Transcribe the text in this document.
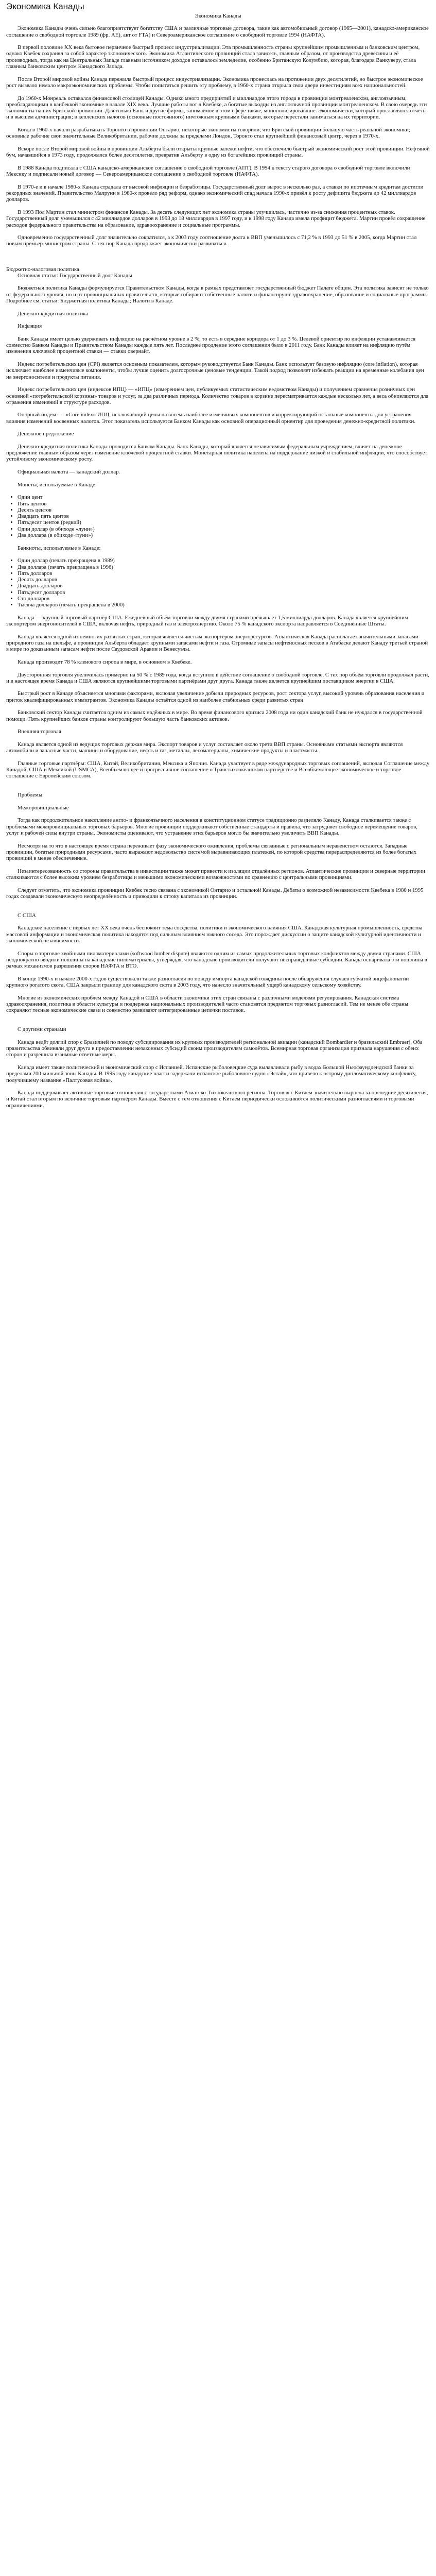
Экономика Канады
Экономика Канады

Экономика Канады очень сильно благоприятствует богатству США и различные торговые договора, такие как автомобильный договор (1965—2001), канадско-американское соглашение о свободной торговле 1989 (фр. АЕ), акт от FTA) и Североамериканское соглашение о свободной торговле 1994 (НАФТА).

В первой половине XX века бытовое первичное быстрый процесс индустриализации. Эта промышленность страны крупнейшим промышленным и банковским центром, однако Квебек сохранял за собой характер экономического. Экономика Атлантического провинций стала зависеть, главным образом, от производства древесины и её производных, тогда как на Центральных Западе главным источником доходов оставалось земледелие, особенно Британскую Колумбию, которая, благодаря Ванкуверу, стала главным банковским центром Канадского Запада.

После Второй мировой войны Канада пережила быстрый процесс индустриализации. Экономика пронеслась на протяжении двух десятилетий, но быстрое экономическое рост вызвало немало макроэкономических проблемы. Чтобы попытаться решить эту проблему, в 1960-х страна открыла свои двери инвестициям всех национальностей.

До 1960-х Монреаль оставался финансовой столицей Канады. Однако много предприятий и миллиардов этого города в провинции монтреаленском, англоязычным, преобладающими в канбеккой экономике в начале XIX века. Лучшие работы вот в Квебеке, а богатые выходцы из англоязычной провинции монтреаленском. В свою очередь эти экономисты наших Бритской провинции. Для только Банк и другие фирмы, занимаемое в этом сфере также, монополизировавшие. Экономически, который прославлялся отчеты и в высшем администрация; в кепленских налогов (основные постоянного) ничтожным крупными банками, которые перестали заниматься на их территории.

Когда в 1960-х начали разрабатывать Торонто в провинции Онтарио, некоторые экономисты говорили, что Бритской провинции большую часть реальной экономики; основные рабочие свои значительные Великобритании, рабочие должны за пределами Лондон, Торонто стал крупнейший финансовый центр, через в 1970-х.

Вскоре после Второй мировой войны в провинции Альберта были открыты крупные залежи нефти, что обеспечило быстрый экономический рост этой провинции. Нефтяной бум, начавшийся в 1973 году, продолжался более десятилетия, превратив Альберту в одну из богатейших провинций страны.

В 1988 Канада подписала с США канадско-американское соглашение о свободной торговле (АПТ). В 1994 к тексту старого договора о свободной торговле включили Мексику и подписали новый договор — Североамериканское соглашение о свободной торговле (НАФТА).

В 1970-е и в начале 1980-х Канада страдала от высокой инфляции и безработицы. Государственный долг вырос в несколько раз, а ставки по ипотечным кредитам достигли рекордных значений. Правительство Малруни в 1980-х провело ряд реформ, однако экономический спад начала 1990-х привёл к росту дефицита бюджета до 42 миллиардов долларов.

В 1993 Пол Мартин стал министром финансов Канады. За десять следующих лет экономика страны улучшилась, частично из-за снижения процентных ставок. Государственный долг уменьшился с 42 миллиардов долларов в 1993 до 18 миллиардов в 1997 году, и к 1998 году Канада имела профицит бюджета. Мартин провёл сокращение расходов федерального правительства на образование, здравоохранение и социальные программы.

Одновременно государственный долг значительно сократился, а к 2003 году соотношение долга к ВВП уменьшилось с 71,2 % в 1993 до 51 % в 2005, когда Мартин стал новым премьер-министром страны. С тех пор Канада продолжает экономически развиваться.

Бюджетно-налоговая политика

Основная статья: Государственный долг Канады

Бюджетная политика Канады формулируется Правительством Канады, когда в рамках представляет государственный бюджет Палате общин. Эта политика зависит не только от федерального уровня, но и от провинциальных правительств, которые собирают собственные налоги и финансируют здравоохранение, образование и социальные программы. Подробнее см. статьи: Бюджетная политика Канады; Налоги в Канаде.

Денежно-кредитная политика

Инфляция

Банк Канады имеет целью удерживать инфляцию на расчётном уровне в 2 %, то есть в середине коридора от 1 до 3 %. Целевой ориентир по инфляции устанавливается совместно Банком Канады и Правительством Канады каждые пять лет. Последнее продление этого соглашения было в 2011 году. Банк Канады влияет на инфляцию путём изменения ключевой процентной ставки — ставки овернайт.

Индекс потребительских цен (CPI) является основным показателем, которым руководствуется Банк Канады. Банк использует базовую инфляцию (core inflation), которая исключает наиболее изменчивые компоненты, чтобы лучше оценить долгосрочные ценовые тенденции. Такой подход позволяет избежать реакции на временные колебания цен на энергоносители и продукты питания.

Индекс потребительских цен (индексов ИПЦ) — «ИПЦ» (измерением цен, публикуемых статистическим ведомством Канады) и получением сравнения розничных цен основной «потребительской корзины» товаров и услуг, за два различных периода. Количество товаров в корзине пересматривается каждые несколько лет, а веса обновляются для отражения изменений в структуре расходов.

Опорный индекс — «Core index» ИПЦ, исключающий цены на восемь наиболее изменчивых компонентов и корректирующий остальные компоненты для устранения влияния изменений косвенных налогов. Этот показатель используется Банком Канады как основной операционный ориентир для проведения денежно-кредитной политики.

Денежное предложение

Денежно-кредитная политика Канады проводится Банком Канады. Банк Канады, который является независимым федеральным учреждением, влияет на денежное предложение главным образом через изменение ключевой процентной ставки. Монетарная политика нацелена на поддержание низкой и стабильной инфляции, что способствует устойчивому экономическому росту.

Официальная валюта — канадский доллар.

Монеты, используемые в Канаде:

• Один цент
• Пять центов
• Десять центов
• Двадцать пять центов
• Пятьдесят центов (редкий)
• Один доллар (в обиходе «луни»)
• Два доллара (в обиходе «туни»)

Банкноты, используемые в Канаде:

• Один доллар (печать прекращена в 1989)
• Два доллара (печать прекращена в 1996)
• Пять долларов
• Десять долларов
• Двадцать долларов
• Пятьдесят долларов
• Сто долларов
• Тысяча долларов (печать прекращена в 2000)

Канада — крупный торговый партнёр США. Ежедневный объём торговли между двумя странами превышает 1,5 миллиарда долларов. Канада является крупнейшим экспортёром энергоносителей в США, включая нефть, природный газ и электроэнергию. Около 75 % канадского экспорта направляется в Соединённые Штаты.

Канада является одной из немногих развитых стран, которая является чистым экспортёром энергоресурсов. Атлантическая Канада располагает значительными запасами природного газа на шельфе, а провинция Альберта обладает крупными запасами нефти и газа. Огромные запасы нефтеносных песков в Атабаске делают Канаду третьей страной в мире по доказанным запасам нефти после Саудовской Аравии и Венесуэлы.

Канада производит 78 % кленового сиропа в мире, в основном в Квебеке.

Двусторонняя торговля увеличилась примерно на 50 % с 1989 года, когда вступило в действие соглашение о свободной торговле. С тех пор объём торговли продолжал расти, и в настоящее время Канада и США являются крупнейшими торговыми партнёрами друг друга. Канада также является крупнейшим поставщиком энергии в США.

Быстрый рост в Канаде объясняется многими факторами, включая увеличение добычи природных ресурсов, рост сектора услуг, высокий уровень образования населения и приток квалифицированных иммигрантов. Экономика Канады остаётся одной из наиболее стабильных среди развитых стран.

Банковский сектор Канады считается одним из самых надёжных в мире. Во время финансового кризиса 2008 года ни один канадский банк не нуждался в государственной помощи. Пять крупнейших банков страны контролируют большую часть банковских активов.

Внешняя торговля

Канада является одной из ведущих торговых держав мира. Экспорт товаров и услуг составляет около трети ВВП страны. Основными статьями экспорта являются автомобили и запасные части, машины и оборудование, нефть и газ, металлы, лесоматериалы, химические продукты и пластмассы.

Главные торговые партнёры: США, Китай, Великобритания, Мексика и Япония. Канада участвует в ряде международных торговых соглашений, включая Соглашение между Канадой, США и Мексикой (USMCA), Всеобъемлющее и прогрессивное соглашение о Транстихоокеанском партнёрстве и Всеобъемлющее экономическое и торговое соглашение с Европейским союзом.

Проблемы

Межпровинциальные

Тогда как продолжительное накопление англо- и франкоязычного населения в конституционном статусе традиционно разделяло Канаду, Канада сталкивается также с проблемами межпровинциальных торговых барьеров. Многие провинции поддерживают собственные стандарты и правила, что затрудняет свободное перемещение товаров, услуг и рабочей силы внутри страны. Экономисты оценивают, что устранение этих барьеров могло бы значительно увеличить ВВП Канады.

Несмотря на то что в настоящее время страна переживает фазу экономического оживления, проблемы связанные с региональным неравенством остаются. Западные провинции, богатые природными ресурсами, часто выражают недовольство системой выравнивающих платежей, по которой средства перераспределяются из более богатых провинций в менее обеспеченные.

Незаинтересованность со стороны правительства в инвестиции также может привести к изоляции отдалённых регионов. Атлантические провинции и северные территории сталкиваются с более высоким уровнем безработицы и меньшими экономическими возможностями по сравнению с центральными провинциями.

Следует отметить, что экономика провинции Квебек тесно связана с экономикой Онтарио и остальной Канады. Дебаты о возможной независимости Квебека в 1980 и 1995 годах создавали экономическую неопределённость и приводили к оттоку капитала из провинции.

С США

Канадское население с первых лет XX века очень беспокоит тема соседства, политики и экономического влияния США. Канадская культурная промышленность, средства массовой информации и экономическая политика находятся под сильным влиянием южного соседа. Это порождает дискуссии о защите канадской культурной идентичности и экономической независимости.

Споры о торговле хвойными пиломатериалами (softwood lumber dispute) являются одним из самых продолжительных торговых конфликтов между двумя странами. США неоднократно вводили пошлины на канадские пиломатериалы, утверждая, что канадские производители получают несправедливые субсидии. Канада оспаривала эти пошлины в рамках механизмов разрешения споров НАФТА и ВТО.

В конце 1990-х и начале 2000-х годов существовали также разногласия по поводу импорта канадской говядины после обнаружения случаев губчатой энцефалопатии крупного рогатого скота. США закрыли границу для канадского скота в 2003 году, что нанесло значительный ущерб канадскому сельскому хозяйству.

Многие из экономических проблем между Канадой и США в области экономики этих стран связаны с различными моделями регулирования. Канадская система здравоохранения, политика в области культуры и поддержка национальных производителей часто становятся предметом торговых разногласий. Тем не менее обе страны сохраняют тесные экономические связи и совместно развивают интегрированные цепочки поставок.

С другими странами

Канада ведёт долгий спор с Бразилией по поводу субсидирования их крупных производителей региональной авиации (канадский Bombardier и бразильский Embraer). Оба правительства обвиняли друг друга в предоставлении незаконных субсидий своим производителям самолётов. Всемирная торговая организация признала нарушения с обеих сторон и разрешила взаимные ответные меры.

Канада имеет также политический и экономический спор с Испанией. Испанские рыболовецкие суда вылавливали рыбу в водах Большой Ньюфаундлендской банки за пределами 200-мильной зоны Канады. В 1995 году канадские власти задержали испанское рыболовное судно «Эстай», что привело к острому дипломатическому конфликту, получившему название «Палтусовая война».

Канада поддерживает активные торговые отношения с государствами Азиатско-Тихоокеанского региона. Торговля с Китаем значительно выросла за последние десятилетия, и Китай стал вторым по величине торговым партнёром Канады. Вместе с тем отношения с Китаем периодически осложняются политическими разногласиями и торговыми ограничениями.
